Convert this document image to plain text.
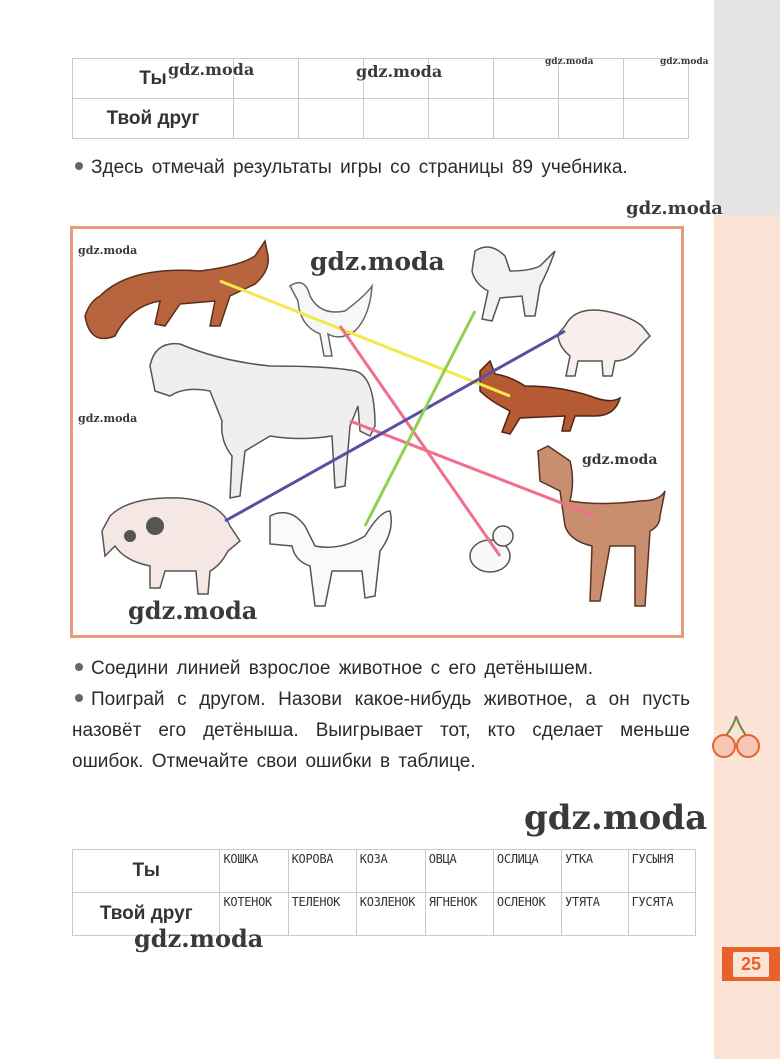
Ты							
Твой друг							
Здесь отмечай результаты игры со страницы 89 учебника.
Соедини линией взрослое животное с его детёнышем.
Поиграй с другом. Назови какое-нибудь животное, а он пусть назовёт его детёныша. Выигрывает тот, кто сделает меньше ошибок. Отмечайте свои ошибки в таблице.
Ты	КОШКА	КОРОВА	КОЗА	ОВЦА	ОСЛИЦА	УТКА	ГУСЫНЯ
Твой друг	КОТЕНОК	ТЕЛЕНОК	КОЗЛЕНОК	ЯГНЕНОК	ОСЛЕНОК	УТЯТА	ГУСЯТА
25
gdz.moda	gdz.moda	gdz.moda	gdz.moda
gdz.moda
gdz.moda	gdz.moda
gdz.moda
gdz.moda
gdz.moda
gdz.moda
gdz.moda
